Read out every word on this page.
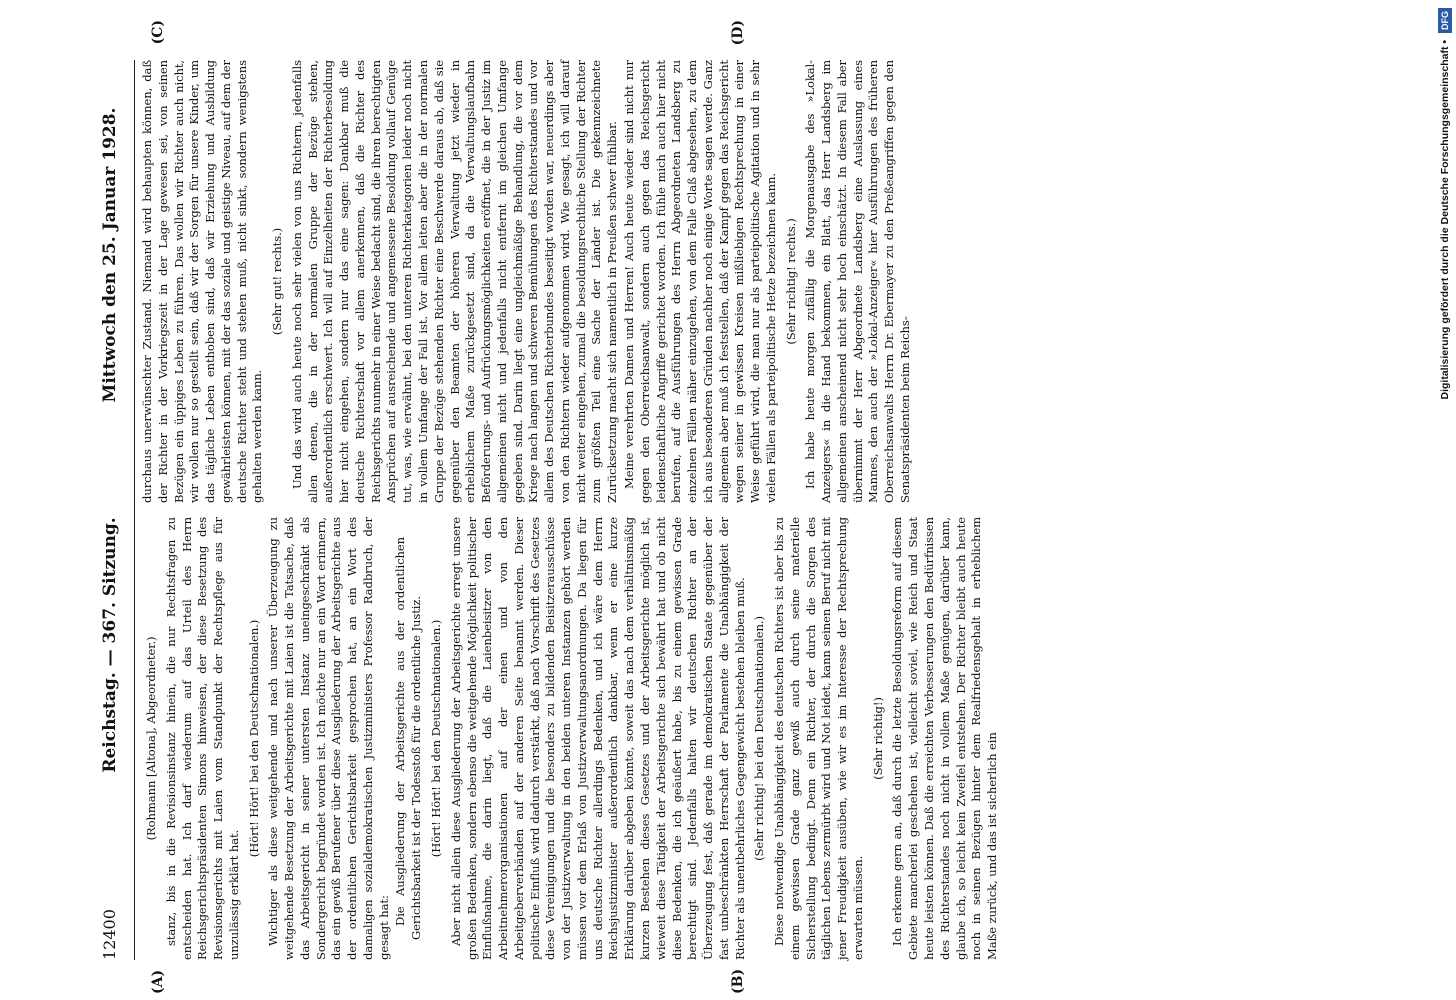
12400
Reichstag. — 367. Sitzung.
Mittwoch den 25. Januar 1928.
(A)	(B)
(C)	(D)

(Rohmann [Altona], Abgeordneter.) stanz, bis in die Revisionsinstanz hinein, die nur Rechtsfragen zu entscheiden hat. Ich darf wiederum auf das Urteil des Herrn Reichsgerichtspräsidenten Simons hinweisen, der diese Besetzung des Revisionsgerichts mit Laien vom Standpunkt der Rechtspflege aus für unzulässig erklärt hat.

(Hört! Hört! bei den Deutschnationalen.) Wichtiger als diese weitgehende und nach unserer Überzeugung zu weitgehende Besetzung der Arbeitsgerichte mit Laien ist die Tatsache, daß das Arbeitsgericht in seiner untersten Instanz uneingeschränkt als Sondergericht begründet worden ist. Ich möchte nur an ein Wort erinnern, das ein gewiß Berufener über diese Ausgliederung der Arbeitsgerichte aus der ordentlichen Gerichtsbarkeit gesprochen hat, an ein Wort des damaligen sozialdemokratischen Justizministers Professor Radbruch, der gesagt hat:

Die Ausgliederung der Arbeitsgerichte aus der ordentlichen Gerichtsbarkeit ist der Todesstoß für die ordentliche Justiz. (Hört! Hört! bei den Deutschnationalen.) Aber nicht allein diese Ausgliederung der Arbeitsgerichte erregt unsere großen Bedenken, sondern ebenso die weitgehende Möglichkeit politischer Einflußnahme, die darin liegt, daß die Laienbeisitzer von den Arbeitnehmerorganisationen auf der einen und von den Arbeitgeberverbänden auf der anderen Seite benannt werden. Dieser politische Einfluß wird dadurch verstärkt, daß nach Vorschrift des Gesetzes diese Vereinigungen und die besonders zu bildenden Beisitzerausschüsse von der Justizverwaltung in den beiden unteren Instanzen gehört werden müssen vor dem Erlaß von Justizverwaltungsanordnungen. Da liegen für uns deutsche Richter allerdings Bedenken, und ich wäre dem Herrn Reichsjustizminister außerordentlich dankbar, wenn er eine kurze Erklärung darüber abgeben könnte, soweit das nach dem verhältnismäßig kurzen Bestehen dieses Gesetzes und der Arbeitsgerichte möglich ist, wieweit diese Tätigkeit der Arbeitsgerichte sich bewährt hat und ob nicht diese Bedenken, die ich geäußert habe, bis zu einem gewissen Grade berechtigt sind. Jedenfalls halten wir deutschen Richter an der Überzeugung fest, daß gerade im demokratischen Staate gegenüber der fast unbeschränkten Herrschaft der Parlamente die Unabhängigkeit der Richter als unentbehrliches Gegengewicht bestehen bleiben muß. (Sehr richtig! bei den Deutschnationalen.) Diese notwendige Unabhängigkeit des deutschen Richters ist aber bis zu einem gewissen Grade ganz gewiß auch durch seine materielle Sicherstellung bedingt. Denn ein Richter, der durch die Sorgen des täglichen Lebens zermürbt wird und Not leidet, kann seinen Beruf nicht mit jener Freudigkeit ausüben, wie wir es im Interesse der Rechtsprechung erwarten müssen.

(Sehr richtig!) Ich erkenne gern an, daß durch die letzte Besoldungsreform auf diesem Gebiete mancherlei geschehen ist, vielleicht soviel, wie Reich und Staat heute leisten können. Daß die erreichten Verbesserungen den Bedürfnissen des Richterstandes noch nicht in vollem Maße genügen, darüber kann, glaube ich, so leicht kein Zweifel entstehen. Der Richter bleibt auch heute noch in seinen Bezügen hinter dem Realfriedensgehalt in erheblichem Maße zurück, und das ist sicherlich ein

durchaus unerwünschter Zustand. Niemand wird behaupten können, daß der Richter in der Vorkriegszeit in der Lage gewesen sei, von seinen Bezügen ein üppiges Leben zu führen. Das wollen wir Richter auch nicht, wir wollen nur so gestellt sein, daß wir der Sorgen für unsere Kinder, um das tägliche Leben enthoben sind, daß wir Erziehung und Ausbildung gewährleisten können, mit der das soziale und geistige Niveau, auf dem der deutsche Richter steht und stehen muß, nicht sinkt, sondern wenigstens gehalten werden kann.

(Sehr gut! rechts.) Und das wird auch heute noch sehr vielen von uns Richtern, jedenfalls allen denen, die in der normalen Gruppe der Bezüge stehen, außerordentlich erschwert. Ich will auf Einzelheiten der Richterbesoldung hier nicht eingehen, sondern nur das eine sagen: Dankbar muß die deutsche Richterschaft vor allem anerkennen, daß die Richter des Reichsgerichts nunmehr in einer Weise bedacht sind, die ihren berechtigten Ansprüchen auf ausreichende und angemessene Besoldung vollauf Genüge tut, was, wie erwähnt, bei den unteren Richterkategorien leider noch nicht in vollem Umfange der Fall ist. Vor allem leiten aber die in der normalen Gruppe der Bezüge stehenden Richter eine Beschwerde daraus ab, daß sie gegenüber den Beamten der höheren Verwaltung jetzt wieder in erheblichem Maße zurückgesetzt sind, da die Verwaltungslaufbahn Beförderungs- und Aufrückungsmöglichkeiten eröffnet, die in der Justiz im allgemeinen nicht und jedenfalls nicht entfernt im gleichen Umfange gegeben sind. Darin liegt eine ungleichmäßige Behandlung, die vor dem Kriege nach langen und schweren Bemühungen des Richterstandes und vor allem des Deutschen Richterbundes beseitigt worden war, neuerdings aber von den Richtern wieder aufgenommen wird. Wie gesagt, ich will darauf nicht weiter eingehen, zumal die besoldungsrechtliche Stellung der Richter zum größten Teil eine Sache der Länder ist. Die gekennzeichnete Zurücksetzung macht sich namentlich in Preußen schwer fühlbar. Meine verehrten Damen und Herren! Auch heute wieder sind nicht nur gegen den Oberreichsanwalt, sondern auch gegen das Reichsgericht leidenschaftliche Angriffe gerichtet worden. Ich fühle mich auch hier nicht berufen, auf die Ausführungen des Herrn Abgeordneten Landsberg zu einzelnen Fällen näher einzugehen, von dem Falle Claß abgesehen, zu dem ich aus besonderen Gründen nachher noch einige Worte sagen werde. Ganz allgemein aber muß ich feststellen, daß der Kampf gegen das Reichsgericht wegen seiner in gewissen Kreisen mißliebigen Rechtsprechung in einer Weise geführt wird, die man nur als parteipolitische Agitation und in sehr vielen Fällen als parteipolitische Hetze bezeichnen kann. (Sehr richtig! rechts.) Ich habe heute morgen zufällig die Morgenausgabe des »Lokal-Anzeigers« in die Hand bekommen, ein Blatt, das Herr Landsberg im allgemeinen anscheinend nicht sehr hoch einschätzt. In diesem Fall aber übernimmt der Herr Abgeordnete Landsberg eine Auslassung eines Mannes, den auch der »Lokal-Anzeiger« hier Ausführungen des früheren Oberreichsanwalts Herrn Dr. Ebermayer zu den Preßeangriffen gegen den Senatspräsidenten beim Reichs-

Digitalisierung gefördert durch die Deutsche Forschungsgemeinschaft • DFG
